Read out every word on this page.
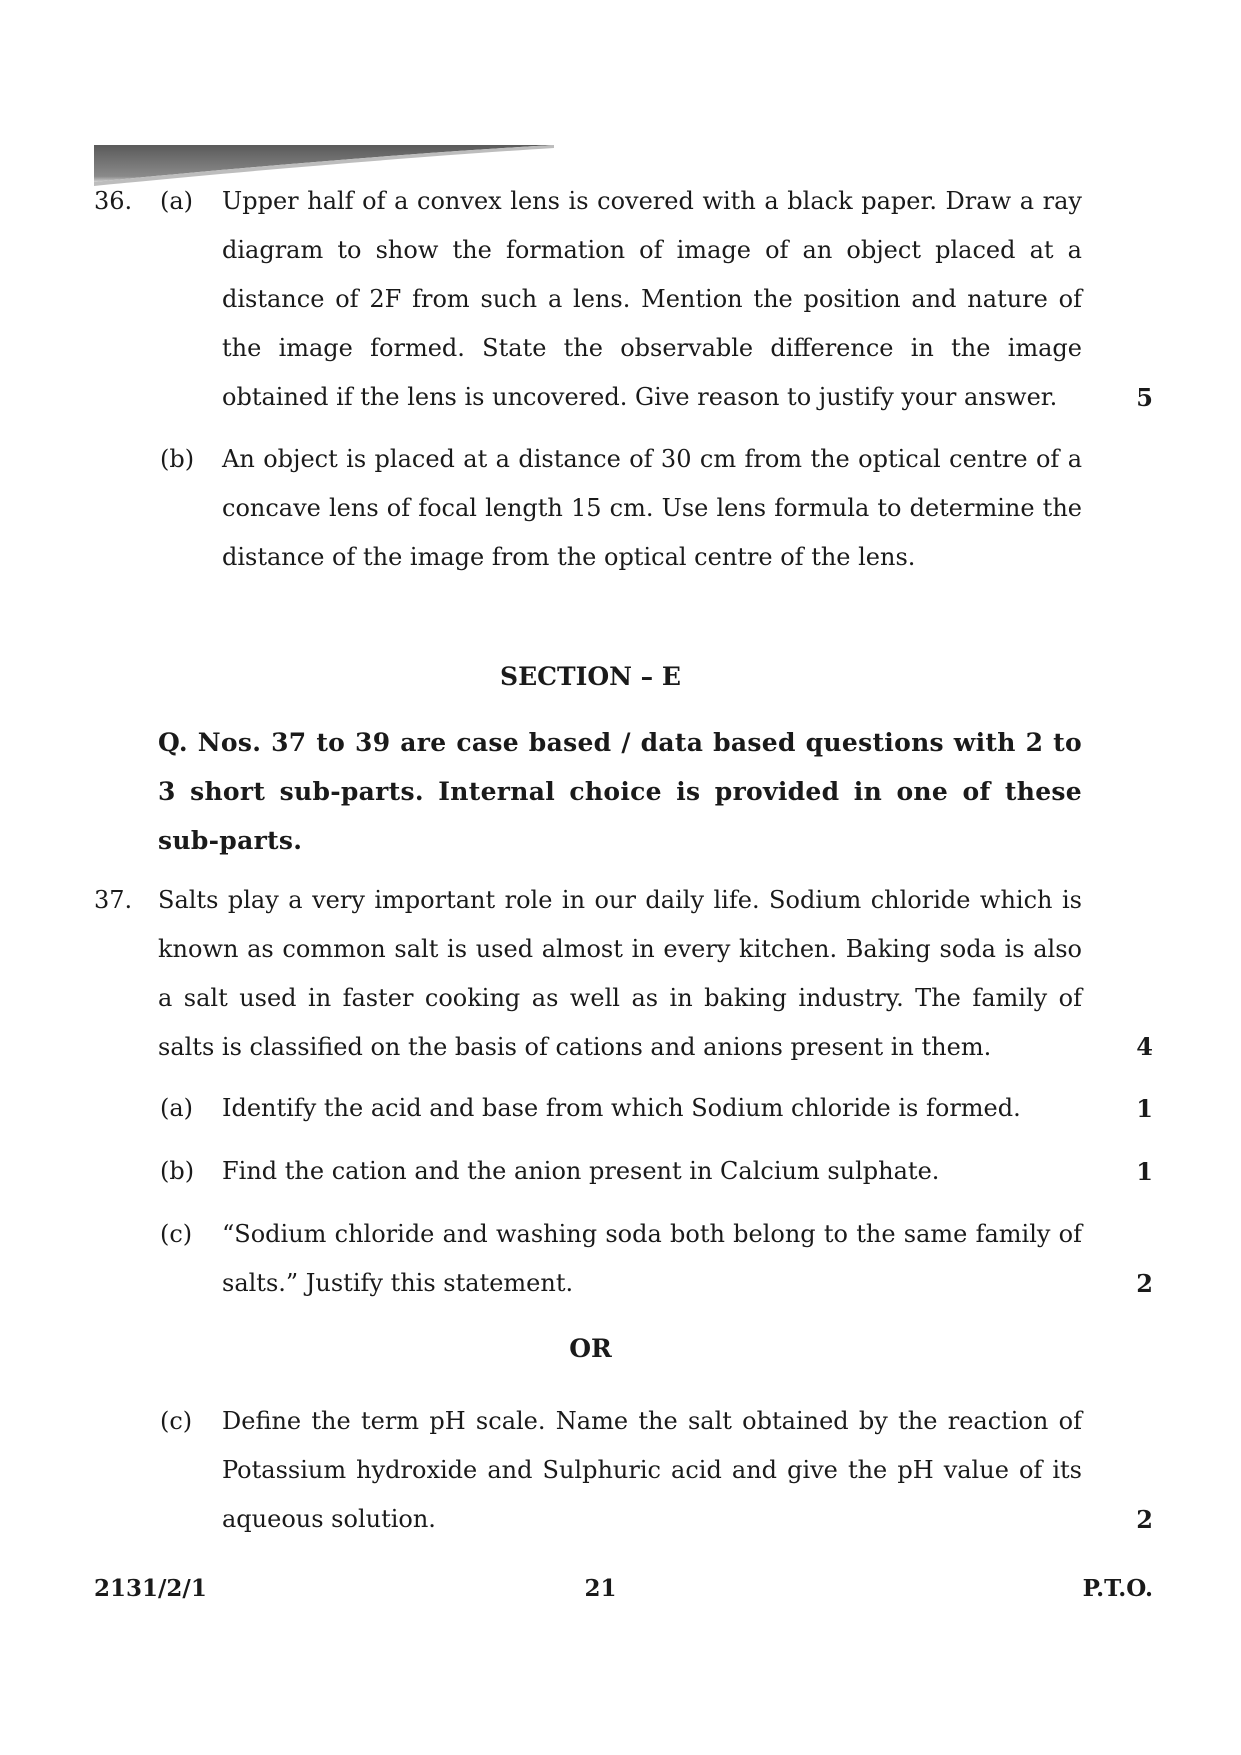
36. (a) Upper half of a convex lens is covered with a black paper. Draw a ray diagram to show the formation of image of an object placed at a distance of 2F from such a lens. Mention the position and nature of the image formed. State the observable difference in the image obtained if the lens is uncovered. Give reason to justify your answer.	5
(b) An object is placed at a distance of 30 cm from the optical centre of a concave lens of focal length 15 cm. Use lens formula to determine the distance of the image from the optical centre of the lens.
SECTION – E
Q. Nos. 37 to 39 are case based / data based questions with 2 to 3 short sub-parts. Internal choice is provided in one of these sub-parts.
37. Salts play a very important role in our daily life. Sodium chloride which is known as common salt is used almost in every kitchen. Baking soda is also a salt used in faster cooking as well as in baking industry. The family of salts is classified on the basis of cations and anions present in them.	4
(a) Identify the acid and base from which Sodium chloride is formed.	1
(b) Find the cation and the anion present in Calcium sulphate.	1
(c) “Sodium chloride and washing soda both belong to the same family of salts.” Justify this statement.	2
OR
(c) Define the term pH scale. Name the salt obtained by the reaction of Potassium hydroxide and Sulphuric acid and give the pH value of its aqueous solution.	2
2131/2/1	21	P.T.O.
